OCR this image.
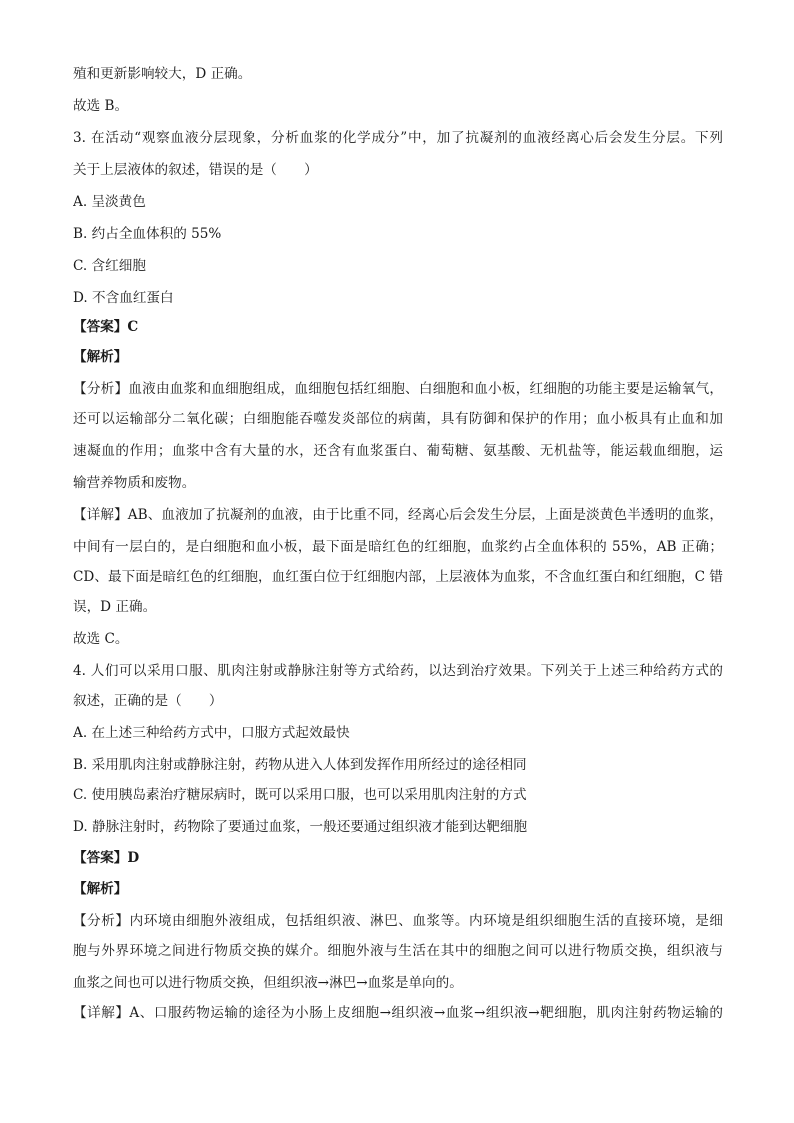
殖和更新影响较大，D 正确。
故选 B。
3. 在活动“观察血液分层现象，分析血浆的化学成分”中，加了抗凝剂的血液经离心后会发生分层。下列
关于上层液体的叙述，错误的是（　　）
A. 呈淡黄色
B. 约占全血体积的 55%
C. 含红细胞
D. 不含血红蛋白
【答案】C
【解析】
【分析】血液由血浆和血细胞组成，血细胞包括红细胞、白细胞和血小板，红细胞的功能主要是运输氧气，
还可以运输部分二氧化碳；白细胞能吞噬发炎部位的病菌，具有防御和保护的作用；血小板具有止血和加
速凝血的作用；血浆中含有大量的水，还含有血浆蛋白、葡萄糖、氨基酸、无机盐等，能运载血细胞，运
输营养物质和废物。
【详解】AB、血液加了抗凝剂的血液，由于比重不同，经离心后会发生分层，上面是淡黄色半透明的血浆，
中间有一层白的，是白细胞和血小板，最下面是暗红色的红细胞，血浆约占全血体积的 55%，AB 正确；
CD、最下面是暗红色的红细胞，血红蛋白位于红细胞内部，上层液体为血浆，不含血红蛋白和红细胞，C 错
误，D 正确。
故选 C。
4. 人们可以采用口服、肌肉注射或静脉注射等方式给药，以达到治疗效果。下列关于上述三种给药方式的
叙述，正确的是（　　）
A. 在上述三种给药方式中，口服方式起效最快
B. 采用肌肉注射或静脉注射，药物从进入人体到发挥作用所经过的途径相同
C. 使用胰岛素治疗糖尿病时，既可以采用口服，也可以采用肌肉注射的方式
D. 静脉注射时，药物除了要通过血浆，一般还要通过组织液才能到达靶细胞
【答案】D
【解析】
【分析】内环境由细胞外液组成，包括组织液、淋巴、血浆等。内环境是组织细胞生活的直接环境，是细
胞与外界环境之间进行物质交换的媒介。细胞外液与生活在其中的细胞之间可以进行物质交换，组织液与
血浆之间也可以进行物质交换，但组织液→淋巴→血浆是单向的。
【详解】A、口服药物运输的途径为小肠上皮细胞→组织液→血浆→组织液→靶细胞，肌肉注射药物运输的
